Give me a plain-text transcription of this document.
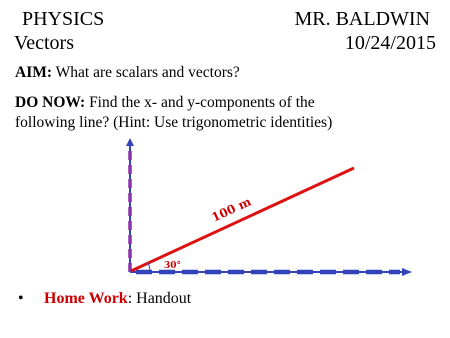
PHYSICS	MR. BALDWIN
Vectors	10/24/2015
AIM: What are scalars and vectors?
DO NOW: Find the x- and y-components of the
following line? (Hint: Use trigonometric identities)
100 m
30°
• Home Work: Handout
